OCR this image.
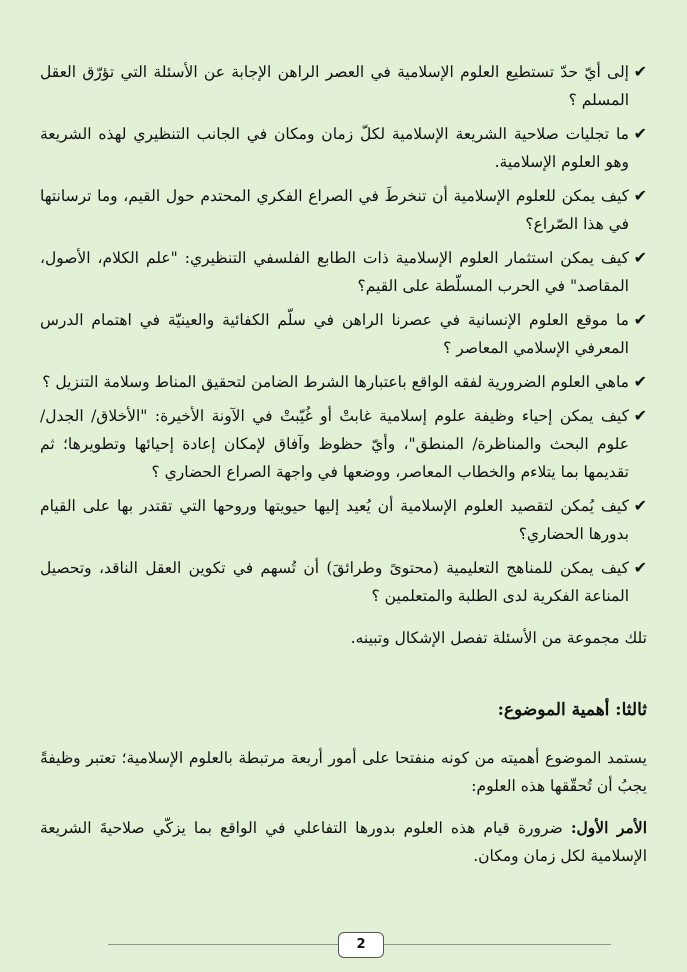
✔
إلى أيّ حدّ تستطيع العلوم الإسلامية في العصر الراهن الإجابة عن الأسئلة التي تؤرّق العقل المسلم ؟
✔
ما تجليات صلاحية الشريعة الإسلامية لكلّ زمان ومكان في الجانب التنظيري لهذه الشريعة وهو العلوم الإسلامية.
✔
كيف يمكن للعلوم الإسلامية أن تنخرطَ في الصراع الفكري المحتدم حول القيم، وما ترسانتها في هذا الصّراع؟
✔
كيف يمكن استثمار العلوم الإسلامية ذات الطابع الفلسفي التنظيري: "علم الكلام، الأصول، المقاصد" في الحرب المسلّطة على القيم؟
✔
ما موقع العلوم الإنسانية في عصرنا الراهن في سلّم الكفائية والعينيّة في اهتمام الدرس المعرفي الإسلامي المعاصر ؟
✔
ماهي العلوم الضرورية لفقه الواقع باعتبارها الشرط الضامن لتحقيق المناط وسلامة التنزيل ؟
✔
كيف يمكن إحياء وظيفة علوم إسلامية غابتْ أو غُيّبتْ في الآونة الأخيرة: "الأخلاق/ الجدل/ علوم البحث والمناظرة/ المنطق"، وأيّ حظوظ وآفاق لإمكان إعادة إحيائها وتطويرها؛ ثم تقديمها بما يتلاءم والخطاب المعاصر، ووضعها في واجهة الصراع الحضاري ؟
✔
كيف يُمكن لتقصيد العلوم الإسلامية أن يُعيد إليها حيويتها وروحها التي تقتدر بها على القيام بدورها الحضاري؟
✔
كيف يمكن للمناهج التعليمية (محتوىً وطرائقَ) أن تُسهم في تكوين العقل الناقد، وتحصيل المناعة الفكرية لدى الطلبة والمتعلمين ؟

تلك مجموعة من الأسئلة تفصل الإشكال وتبينه.

ثالثا: أهمية الموضوع:

يستمد الموضوع أهميته من كونه منفتحا على أمور أربعة مرتبطة بالعلوم الإسلامية؛ تعتبر وظيفةً يجبُ أن تُحقّقها هذه العلوم:

الأمر الأول: ضرورة قيام هذه العلوم بدورها التفاعلي في الواقع بما يزكّي صلاحيةَ الشريعة الإسلامية لكل زمان ومكان.

2
